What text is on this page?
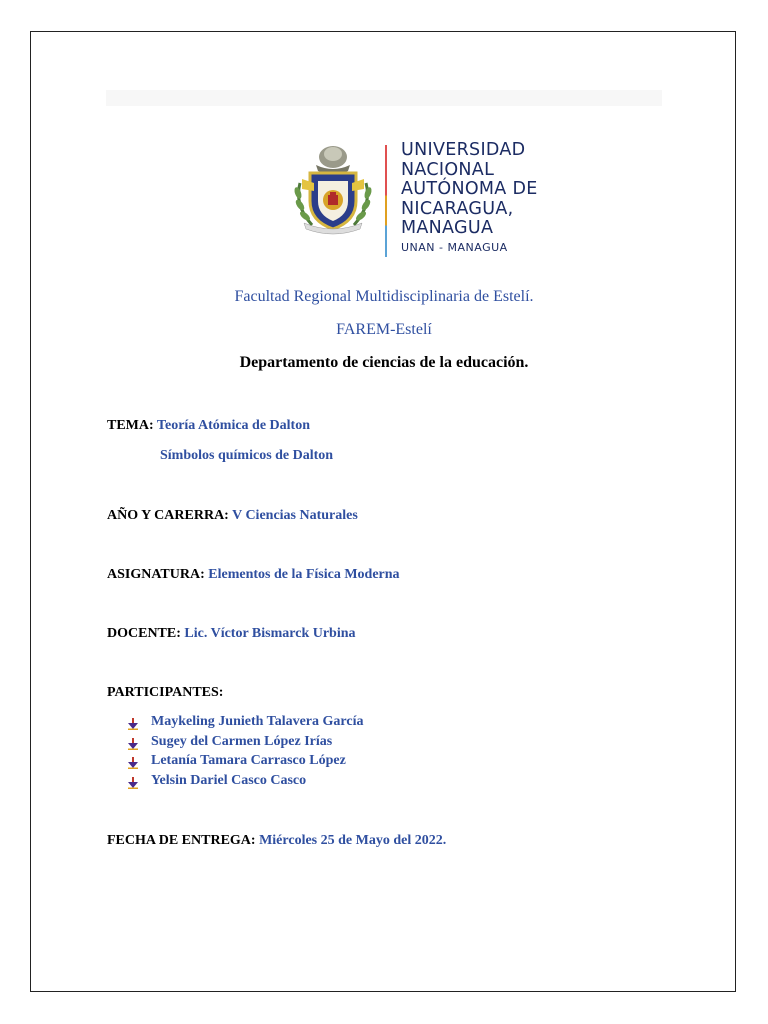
UNIVERSIDAD
NACIONAL
AUTÓNOMA DE
NICARAGUA,
MANAGUA
UNAN - MANAGUA
Facultad Regional Multidisciplinaria de Estelí.
FAREM-Estelí
Departamento de ciencias de la educación.
TEMA: Teoría Atómica de Dalton
Símbolos químicos de Dalton
AÑO Y CARERRA: V Ciencias Naturales
ASIGNATURA: Elementos de la Física Moderna
DOCENTE: Lic. Víctor Bismarck Urbina
PARTICIPANTES:
Maykeling Junieth Talavera García
Sugey del Carmen López Irías
Letanía Tamara Carrasco López
Yelsin Dariel Casco Casco
FECHA DE ENTREGA: Miércoles 25 de Mayo del 2022.
